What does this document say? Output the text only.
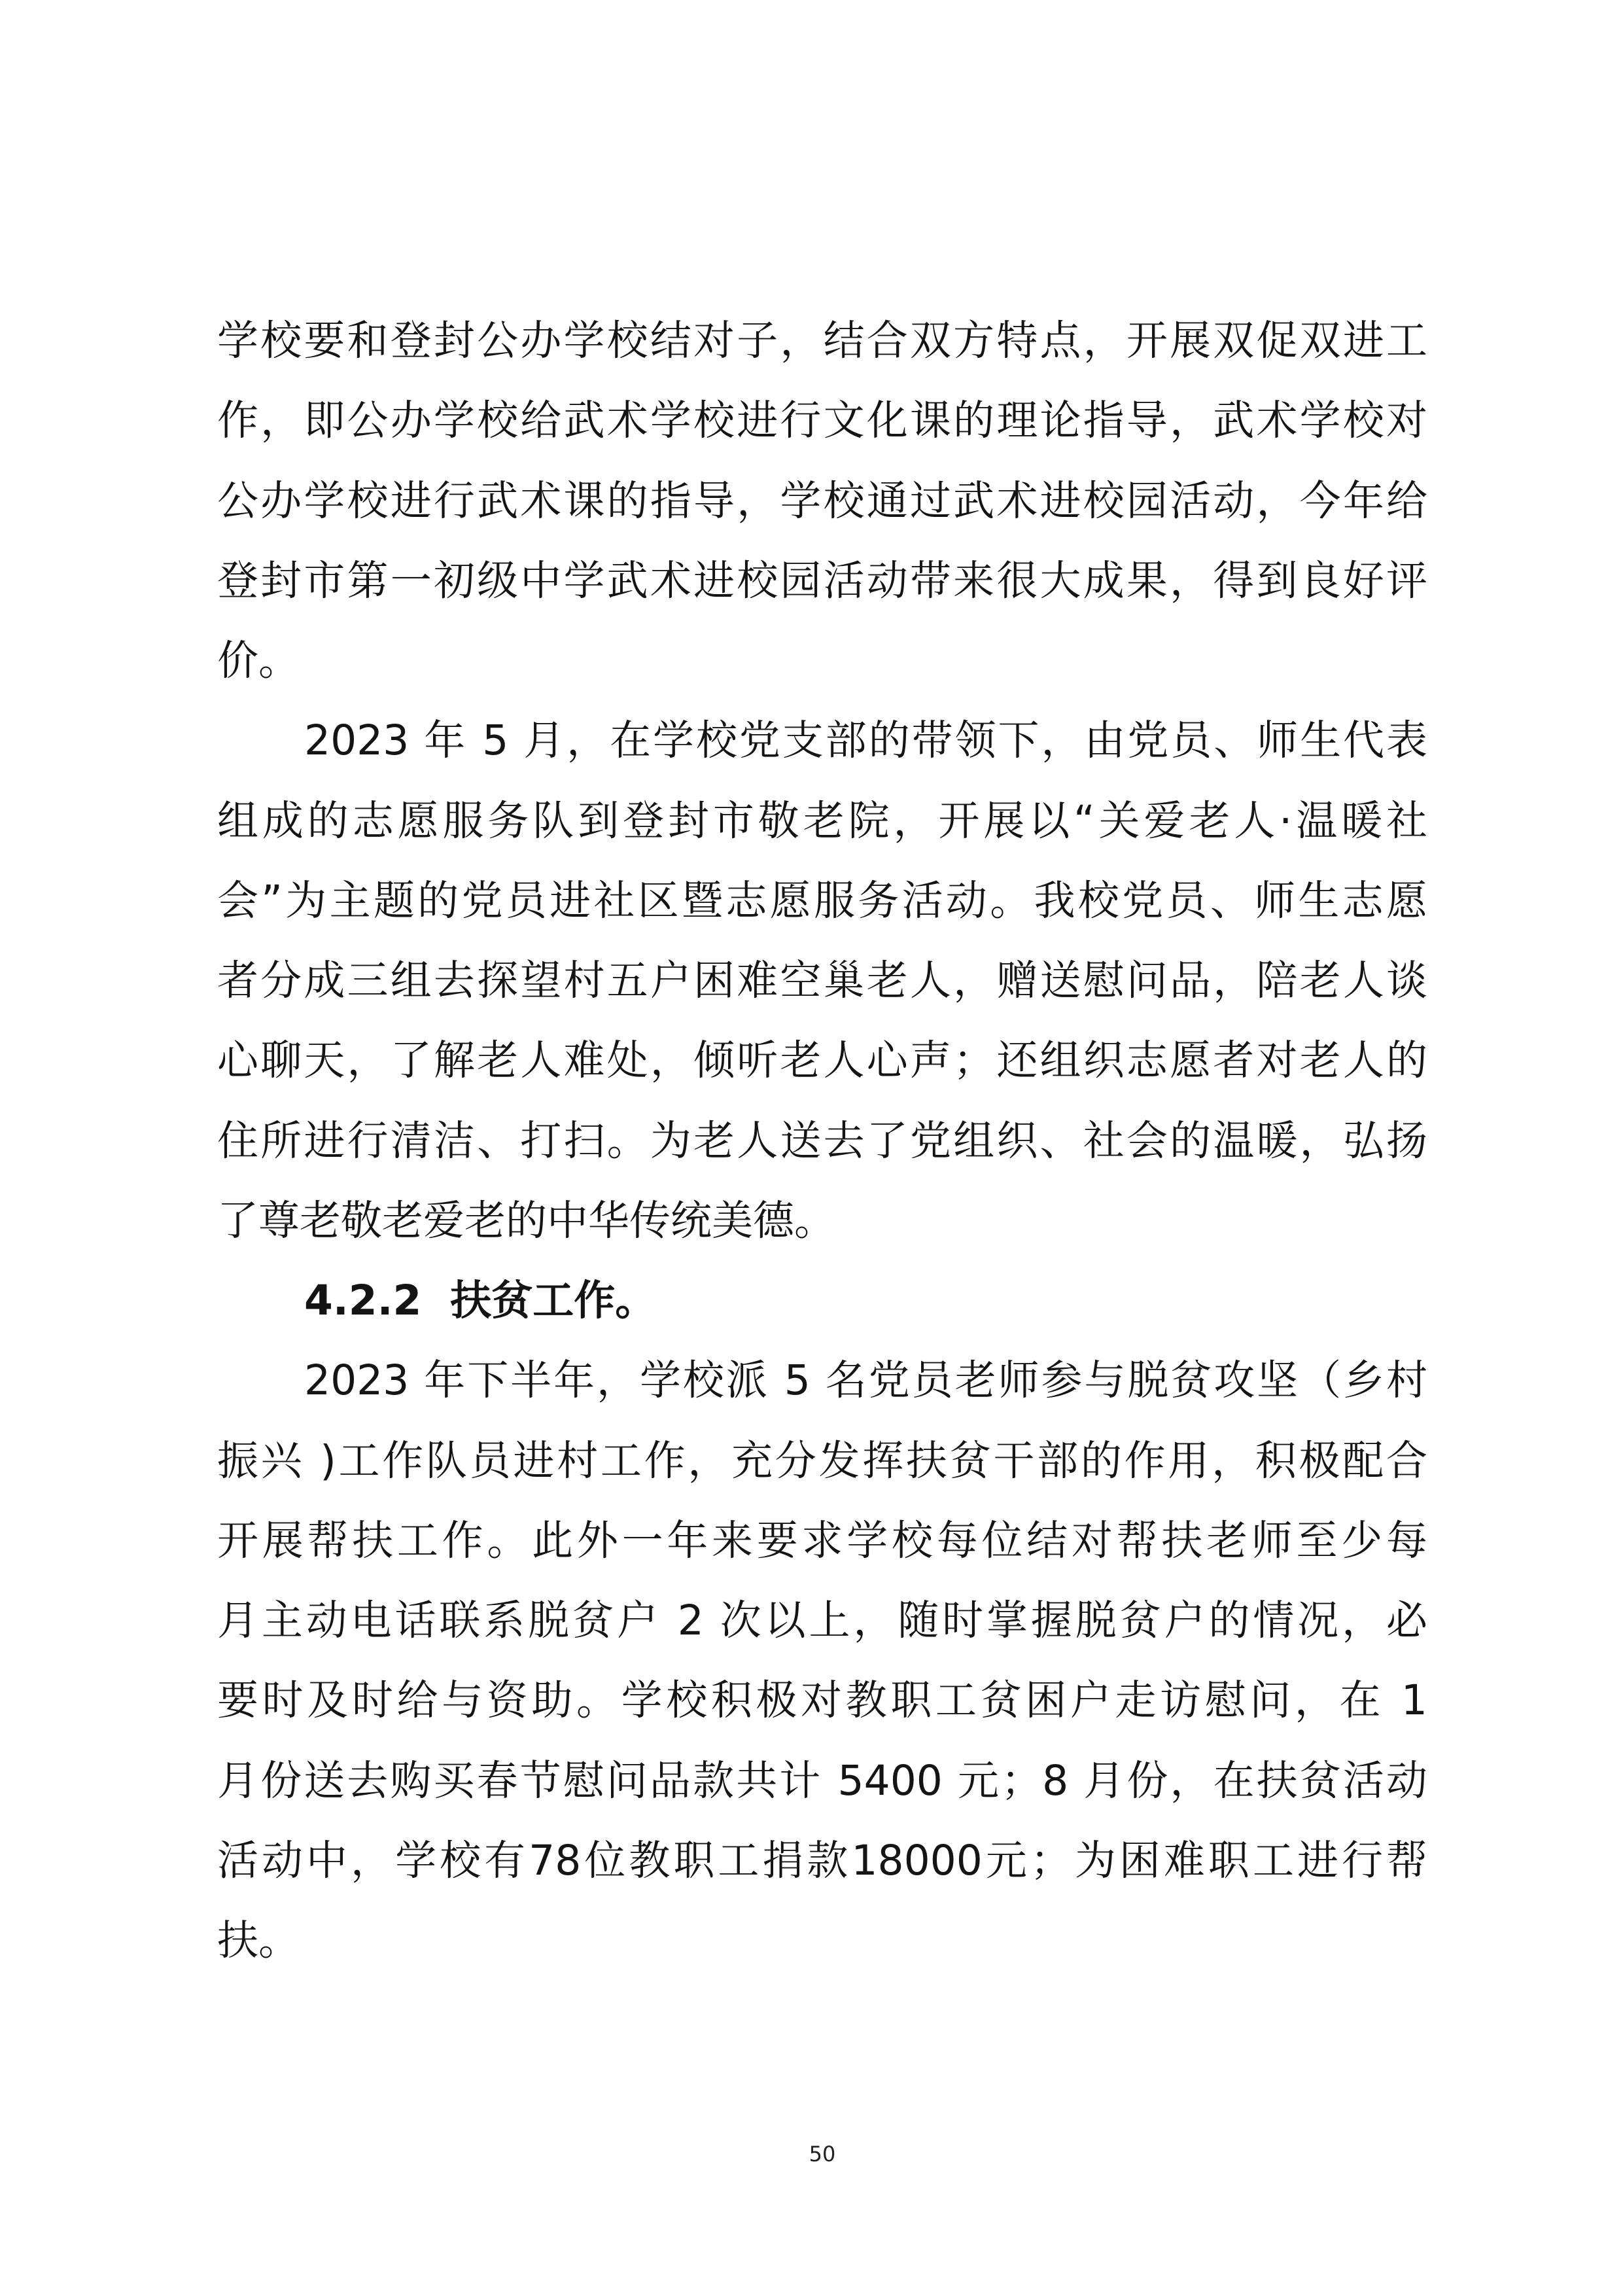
学校要和登封公办学校结对子，结合双方特点，开展双促双进工
作，即公办学校给武术学校进行文化课的理论指导，武术学校对
公办学校进行武术课的指导，学校通过武术进校园活动，今年给
登封市第一初级中学武术进校园活动带来很大成果，得到良好评
价。
2023 年 5 月，在学校党支部的带领下，由党员、师生代表
组成的志愿服务队到登封市敬老院，开展以“关爱老人·温暖社
会”为主题的党员进社区暨志愿服务活动。我校党员、师生志愿
者分成三组去探望村五户困难空巢老人，赠送慰问品，陪老人谈
心聊天，了解老人难处，倾听老人心声；还组织志愿者对老人的
住所进行清洁、打扫。为老人送去了党组织、社会的温暖，弘扬
了尊老敬老爱老的中华传统美德。
4.2.2  扶贫工作。
2023 年下半年，学校派 5 名党员老师参与脱贫攻坚（乡村
振兴 )工作队员进村工作，充分发挥扶贫干部的作用，积极配合
开展帮扶工作。此外一年来要求学校每位结对帮扶老师至少每
月主动电话联系脱贫户 2 次以上，随时掌握脱贫户的情况，必
要时及时给与资助。学校积极对教职工贫困户走访慰问，在 1
月份送去购买春节慰问品款共计 5400 元；8 月份，在扶贫活动
活动中，学校有78位教职工捐款18000元；为困难职工进行帮
扶。
50
